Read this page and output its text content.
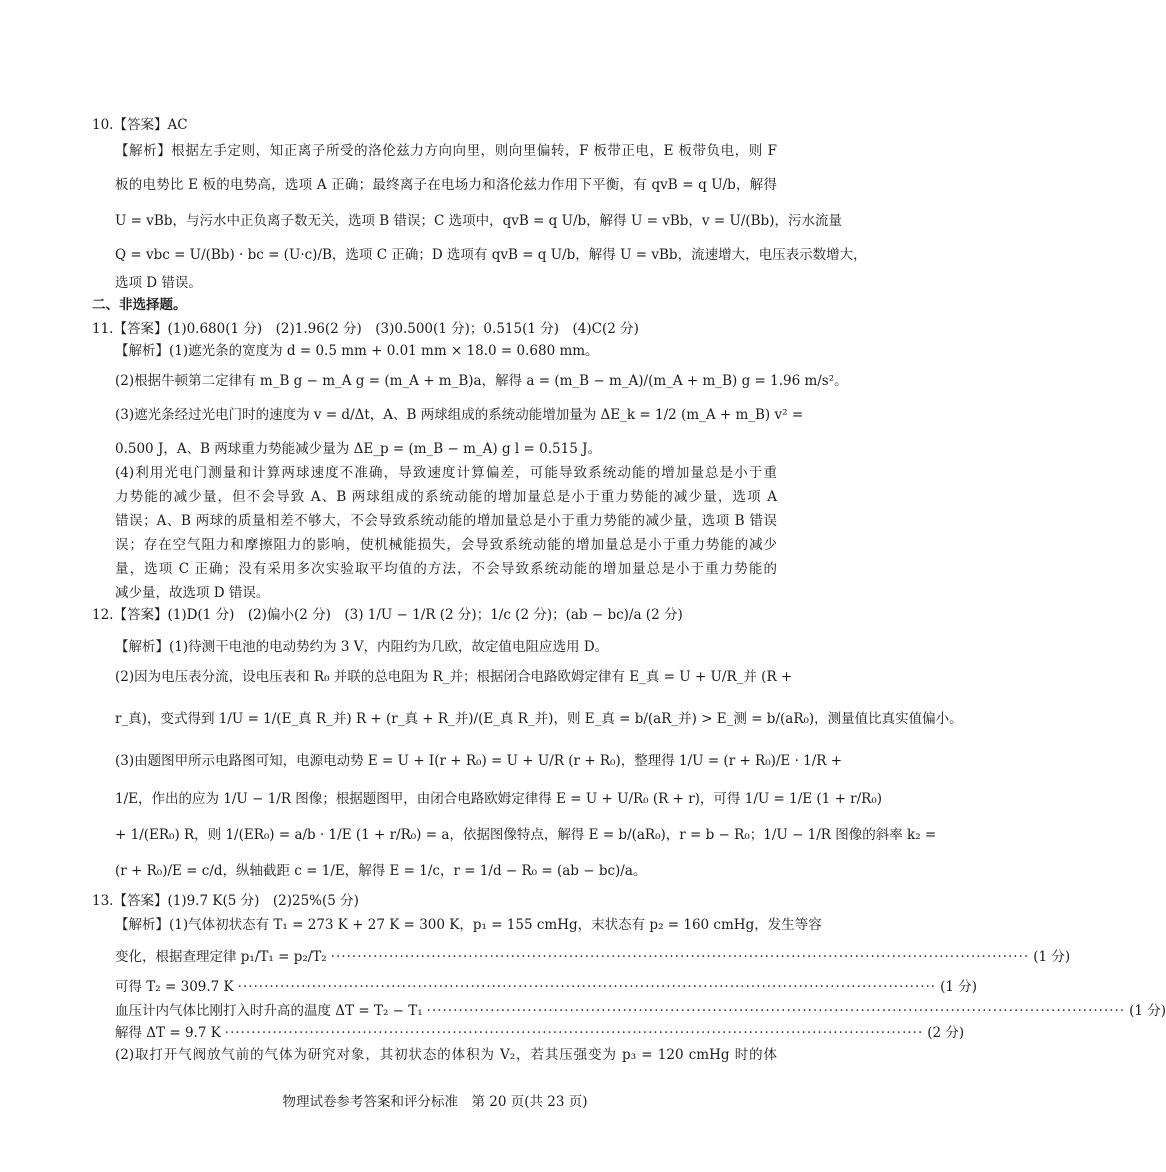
10.【答案】AC
【解析】根据左手定则，知正离子所受的洛伦兹力方向向里，则向里偏转，F 板带正电，E 板带负电，则 F
板的电势比 E 板的电势高，选项 A 正确；最终离子在电场力和洛伦兹力作用下平衡，有 qvB = q U/b，解得
U = vBb，与污水中正负离子数无关，选项 B 错误；C 选项中，qvB = q U/b，解得 U = vBb，v = U/(Bb)，污水流量
Q = vbc = U/(Bb) · bc = (U·c)/B，选项 C 正确；D 选项有 qvB = q U/b，解得 U = vBb，流速增大，电压表示数增大，
选项 D 错误。
二、非选择题。
11.【答案】(1)0.680(1 分)　(2)1.96(2 分)　(3)0.500(1 分)；0.515(1 分)　(4)C(2 分)
【解析】(1)遮光条的宽度为 d = 0.5 mm + 0.01 mm × 18.0 = 0.680 mm。
(2)根据牛顿第二定律有 m_B g − m_A g = (m_A + m_B)a，解得 a = (m_B − m_A)/(m_A + m_B) g = 1.96 m/s²。
(3)遮光条经过光电门时的速度为 v = d/Δt，A、B 两球组成的系统动能增加量为 ΔE_k = 1/2 (m_A + m_B) v² =
0.500 J，A、B 两球重力势能减少量为 ΔE_p = (m_B − m_A) g l = 0.515 J。
(4)利用光电门测量和计算两球速度不准确，导致速度计算偏差，可能导致系统动能的增加量总是小于重
力势能的减少量，但不会导致 A、B 两球组成的系统动能的增加量总是小于重力势能的减少量，选项 A
错误；A、B 两球的质量相差不够大，不会导致系统动能的增加量总是小于重力势能的减少量，选项 B 错误
误；存在空气阻力和摩擦阻力的影响，使机械能损失，会导致系统动能的增加量总是小于重力势能的减少
量，选项 C 正确；没有采用多次实验取平均值的方法，不会导致系统动能的增加量总是小于重力势能的
减少量，故选项 D 错误。
12.【答案】(1)D(1 分)　(2)偏小(2 分)　(3) 1/U − 1/R (2 分)；1/c (2 分)；(ab − bc)/a (2 分)
【解析】(1)待测干电池的电动势约为 3 V，内阻约为几欧，故定值电阻应选用 D。
(2)因为电压表分流，设电压表和 R₀ 并联的总电阻为 R_并；根据闭合电路欧姆定律有 E_真 = U + U/R_并 (R +
r_真)，变式得到 1/U = 1/(E_真 R_并) R + (r_真 + R_并)/(E_真 R_并)，则 E_真 = b/(aR_并) > E_测 = b/(aR₀)，测量值比真实值偏小。
(3)由题图甲所示电路图可知，电源电动势 E = U + I(r + R₀) = U + U/R (r + R₀)，整理得 1/U = (r + R₀)/E · 1/R +
1/E，作出的应为 1/U − 1/R 图像；根据题图甲，由闭合电路欧姆定律得 E = U + U/R₀ (R + r)，可得 1/U = 1/E (1 + r/R₀)
+ 1/(ER₀) R，则 1/(ER₀) = a/b · 1/E (1 + r/R₀) = a，依据图像特点，解得 E = b/(aR₀)，r = b − R₀；1/U − 1/R 图像的斜率 k₂ =
(r + R₀)/E = c/d，纵轴截距 c = 1/E，解得 E = 1/c，r = 1/d − R₀ = (ab − bc)/a。
13.【答案】(1)9.7 K(5 分)　(2)25%(5 分)
【解析】(1)气体初状态有 T₁ = 273 K + 27 K = 300 K，p₁ = 155 cmHg，末状态有 p₂ = 160 cmHg，发生等容
变化，根据查理定律 p₁/T₁ = p₂/T₂ ···································································································································· (1 分)
可得 T₂ = 309.7 K ···································································································································· (1 分)
血压计内气体比刚打入时升高的温度 ΔT = T₂ − T₁ ···································································································································· (1 分)
解得 ΔT = 9.7 K ···································································································································· (2 分)
(2)取打开气阀放气前的气体为研究对象，其初状态的体积为 V₂，若其压强变为 p₃ = 120 cmHg 时的体
物理试卷参考答案和评分标准　第 20 页(共 23 页)
